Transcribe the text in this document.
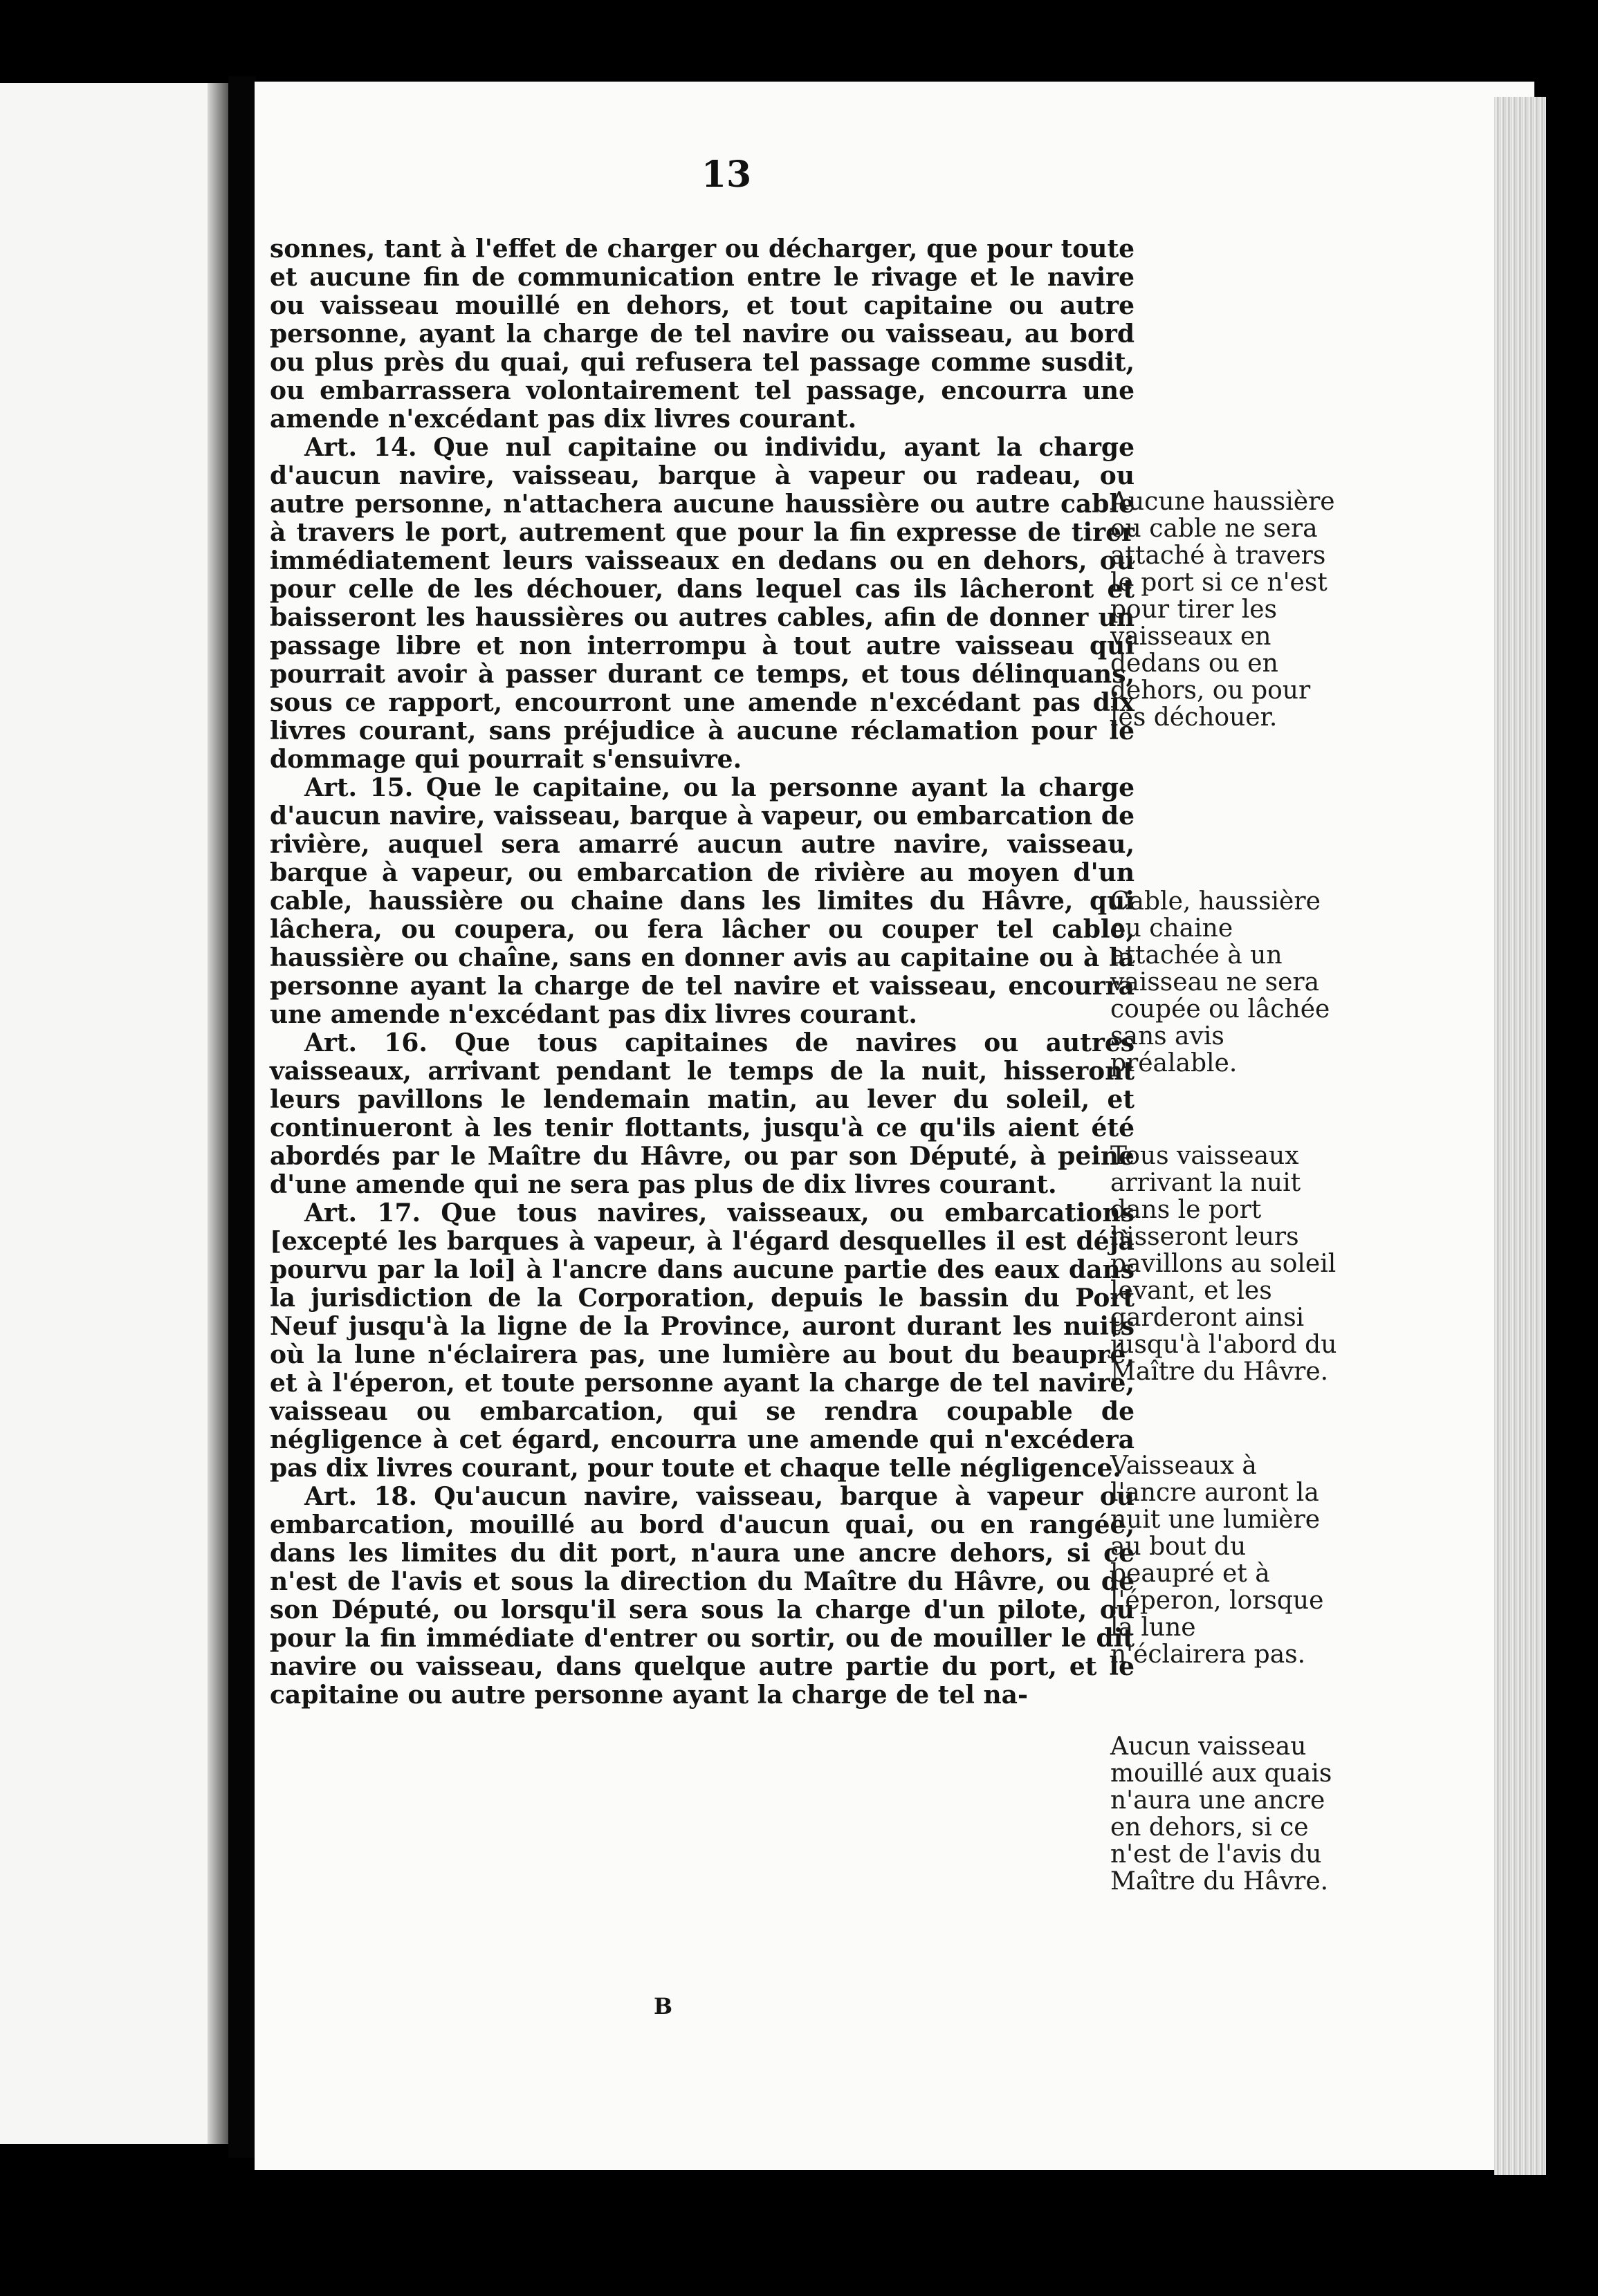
13

sonnes, tant à l'effet de charger ou décharger, que pour toute et aucune fin de communication entre le rivage et le navire ou vaisseau mouillé en dehors, et tout capitaine ou autre personne, ayant la charge de tel navire ou vaisseau, au bord ou plus près du quai, qui refusera tel passage comme susdit, ou embarrassera volontairement tel passage, encourra une amende n'excédant pas dix livres courant.

Art. 14. Que nul capitaine ou individu, ayant la charge d'aucun navire, vaisseau, barque à vapeur ou radeau, ou autre personne, n'attachera aucune haussière ou autre cable à travers le port, autrement que pour la fin expresse de tirer immédiatement leurs vaisseaux en dedans ou en dehors, ou pour celle de les déchouer, dans lequel cas ils lâcheront et baisseront les haussières ou autres cables, afin de donner un passage libre et non interrompu à tout autre vaisseau qui pourrait avoir à passer durant ce temps, et tous délinquans, sous ce rapport, encourront une amende n'excédant pas dix livres courant, sans préjudice à aucune réclamation pour le dommage qui pourrait s'ensuivre.

Art. 15. Que le capitaine, ou la personne ayant la charge d'aucun navire, vaisseau, barque à vapeur, ou embarcation de rivière, auquel sera amarré aucun autre navire, vaisseau, barque à vapeur, ou embarcation de rivière au moyen d'un cable, haussière ou chaine dans les limites du Hâvre, qui lâchera, ou coupera, ou fera lâcher ou couper tel cable, haussière ou chaîne, sans en donner avis au capitaine ou à la personne ayant la charge de tel navire et vaisseau, encourra une amende n'excédant pas dix livres courant.

Art. 16. Que tous capitaines de navires ou autres vaisseaux, arrivant pendant le temps de la nuit, hisseront leurs pavillons le lendemain matin, au lever du soleil, et continueront à les tenir flottants, jusqu'à ce qu'ils aient été abordés par le Maître du Hâvre, ou par son Député, à peine d'une amende qui ne sera pas plus de dix livres courant.

Art. 17. Que tous navires, vaisseaux, ou embarcations [excepté les barques à vapeur, à l'égard desquelles il est déjà pourvu par la loi] à l'ancre dans aucune partie des eaux dans la jurisdiction de la Corporation, depuis le bassin du Port Neuf jusqu'à la ligne de la Province, auront durant les nuits où la lune n'éclairera pas, une lumière au bout du beaupré, et à l'éperon, et toute personne ayant la charge de tel navire, vaisseau ou embarcation, qui se rendra coupable de négligence à cet égard, encourra une amende qui n'excédera pas dix livres courant, pour toute et chaque telle négligence.

Art. 18. Qu'aucun navire, vaisseau, barque à vapeur ou embarcation, mouillé au bord d'aucun quai, ou en rangée, dans les limites du dit port, n'aura une ancre dehors, si ce n'est de l'avis et sous la direction du Maître du Hâvre, ou de son Député, ou lorsqu'il sera sous la charge d'un pilote, ou pour la fin immédiate d'entrer ou sortir, ou de mouiller le dit navire ou vaisseau, dans quelque autre partie du port, et le capitaine ou autre personne ayant la charge de tel na-

Aucune haussière ou cable ne sera attaché à travers le port si ce n'est pour tirer les vaisseaux en dedans ou en dehors, ou pour les déchouer.
Cable, haussière ou chaine attachée à un vaisseau ne sera coupée ou lâchée sans avis préalable.
Tous vaisseaux arrivant la nuit dans le port hisseront leurs pavillons au soleil levant, et les garderont ainsi jusqu'à l'abord du Maître du Hâvre.
Vaisseaux à l'ancre auront la nuit une lumière au bout du beaupré et à l'éperon, lorsque la lune n'éclairera pas.
Aucun vaisseau mouillé aux quais n'aura une ancre en dehors, si ce n'est de l'avis du Maître du Hâvre.
B
